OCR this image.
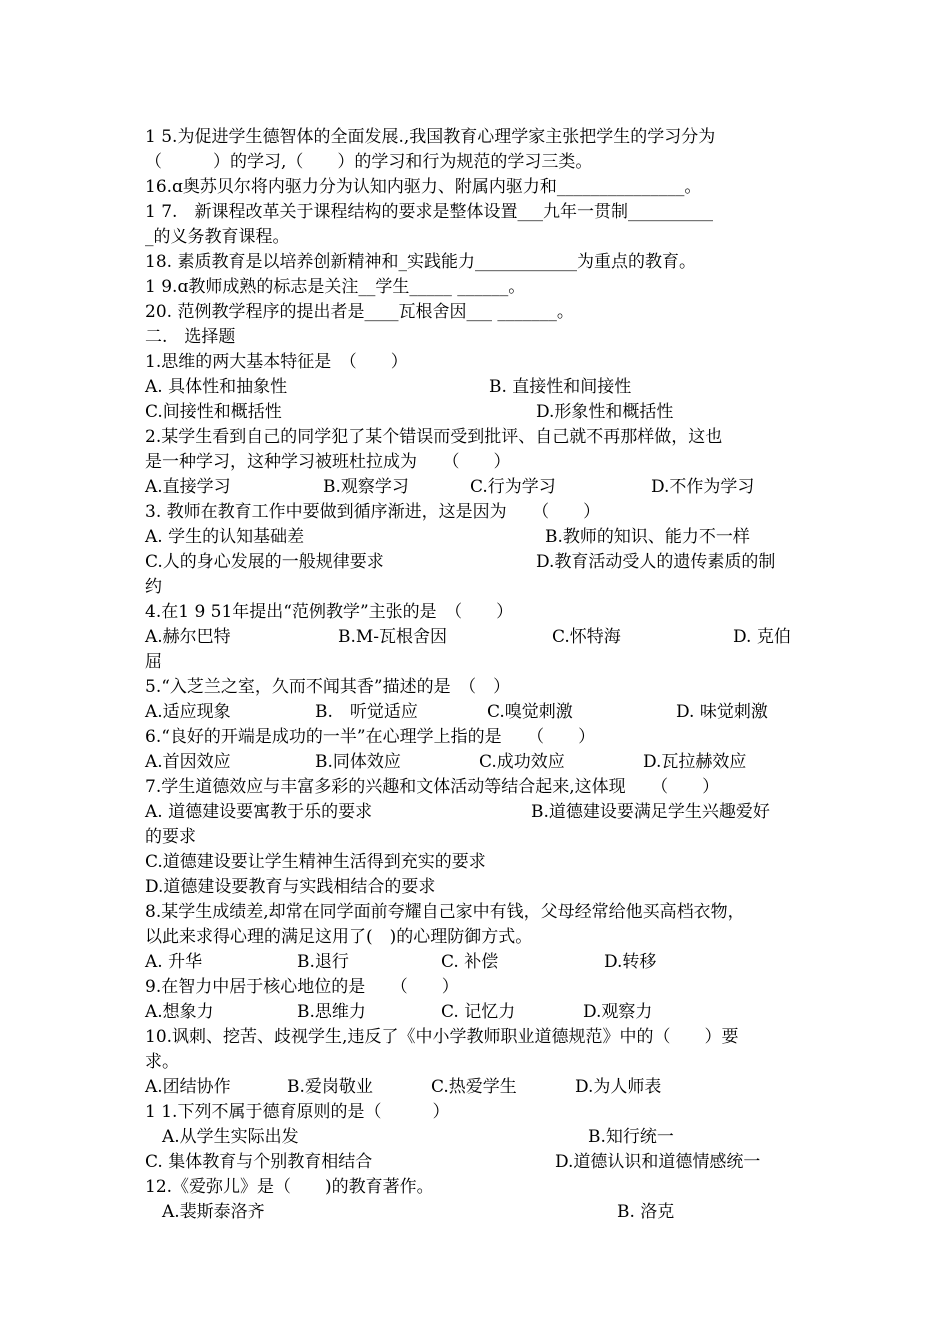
1 5.为促进学生德智体的全面发展.,我国教育心理学家主张把学生的学习分为
（　　　）的学习,（　　）的学习和行为规范的学习三类。
16.ɑ奥苏贝尔将内驱力分为认知内驱力、附属内驱力和_______________。
1 7.　新课程改革关于课程结构的要求是整体设置___九年一贯制__________
_的义务教育课程。
18. 素质教育是以培养创新精神和_实践能力____________为重点的教育。
1 9.ɑ教师成熟的标志是关注__学生_____ ______。
20. 范例教学程序的提出者是____瓦根舍因___ _______。
二.　选择题
1.思维的两大基本特征是　（　　）
A. 具体性和抽象性	B. 直接性和间接性
C.间接性和概括性	D.形象性和概括性
2.某学生看到自己的同学犯了某个错误而受到批评、自己就不再那样做，这也
是一种学习，这种学习被班杜拉成为　　（　　）
A.直接学习	B.观察学习	C.行为学习	D.不作为学习
3. 教师在教育工作中要做到循序渐进，这是因为　　（　　）
A. 学生的认知基础差	B.教师的知识、能力不一样
C.人的身心发展的一般规律要求	D.教育活动受人的遗传素质的制
约
4.在1 9 51年提出“范例教学”主张的是　（　　）
A.赫尔巴特	B.M-瓦根舍因	C.怀特海	D. 克伯
屈
5.“入芝兰之室，久而不闻其香”描述的是　（　）
A.适应现象	B.　听觉适应	C.嗅觉刺激	D. 味觉刺激
6.“良好的开端是成功的一半”在心理学上指的是　　（　　）
A.首因效应	B.同体效应	C.成功效应	D.瓦拉赫效应
7.学生道德效应与丰富多彩的兴趣和文体活动等结合起来,这体现　　（　　）
A. 道德建设要寓教于乐的要求	B.道德建设要满足学生兴趣爱好
的要求
C.道德建设要让学生精神生活得到充实的要求
D.道德建设要教育与实践相结合的要求
8.某学生成绩差,却常在同学面前夸耀自己家中有钱，父母经常给他买高档衣物，
以此来求得心理的满足这用了(　)的心理防御方式。
A. 升华	B.退行	C. 补偿	D.转移
9.在智力中居于核心地位的是　　（　　）
A.想象力	B.思维力	C. 记忆力	D.观察力
10.讽刺、挖苦、歧视学生,违反了《中小学教师职业道德规范》中的（　　）要
求。
A.团结协作	B.爱岗敬业	C.热爱学生	D.为人师表
1 1.下列不属于德育原则的是（　　　）
A.从学生实际出发	B.知行统一
C. 集体教育与个别教育相结合	D.道德认识和道德情感统一
12.《爱弥儿》是（　　)的教育著作。
A.裴斯泰洛齐	B. 洛克
